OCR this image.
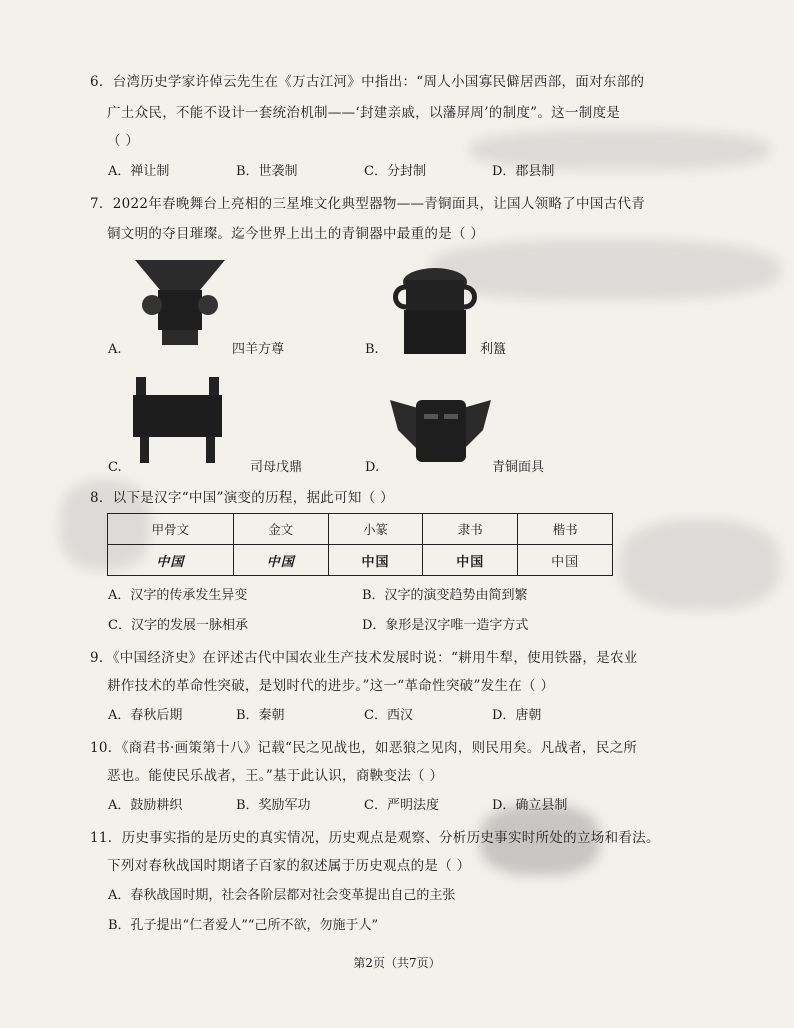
6．台湾历史学家许倬云先生在《万古江河》中指出：“周人小国寡民僻居西部，面对东部的
广土众民，不能不设计一套统治机制——‘封建亲戚，以藩屏周’的制度”。这一制度是
（ ）
A．禅让制	B．世袭制	C．分封制	D．郡县制
7．2022年春晚舞台上亮相的三星堆文化典型器物——青铜面具，让国人领略了中国古代青
铜文明的夺目璀璨。迄今世界上出土的青铜器中最重的是（ ）
A.	四羊方尊	B.	利簋
C.	司母戊鼎	D.	青铜面具
8．以下是汉字“中国”演变的历程，据此可知（ ）
甲骨文	金文	小篆	隶书	楷书
中国	中国	中国	中国	中国
A．汉字的传承发生异变	B．汉字的演变趋势由简到繁
C．汉字的发展一脉相承	D．象形是汉字唯一造字方式
9．《中国经济史》在评述古代中国农业生产技术发展时说：“耕用牛犁，使用铁器，是农业
耕作技术的革命性突破，是划时代的进步。”这一“革命性突破”发生在（ ）
A．春秋后期	B．秦朝	C．西汉	D．唐朝
10．《商君书·画策第十八》记载“民之见战也，如恶狼之见肉，则民用矣。凡战者，民之所
恶也。能使民乐战者，王。”基于此认识，商鞅变法（ ）
A．鼓励耕织	B．奖励军功	C．严明法度	D．确立县制
11．历史事实指的是历史的真实情况，历史观点是观察、分析历史事实时所处的立场和看法。
下列对春秋战国时期诸子百家的叙述属于历史观点的是（ ）
A．春秋战国时期，社会各阶层都对社会变革提出自己的主张
B．孔子提出“仁者爱人”“己所不欲，勿施于人”
第2页（共7页）
